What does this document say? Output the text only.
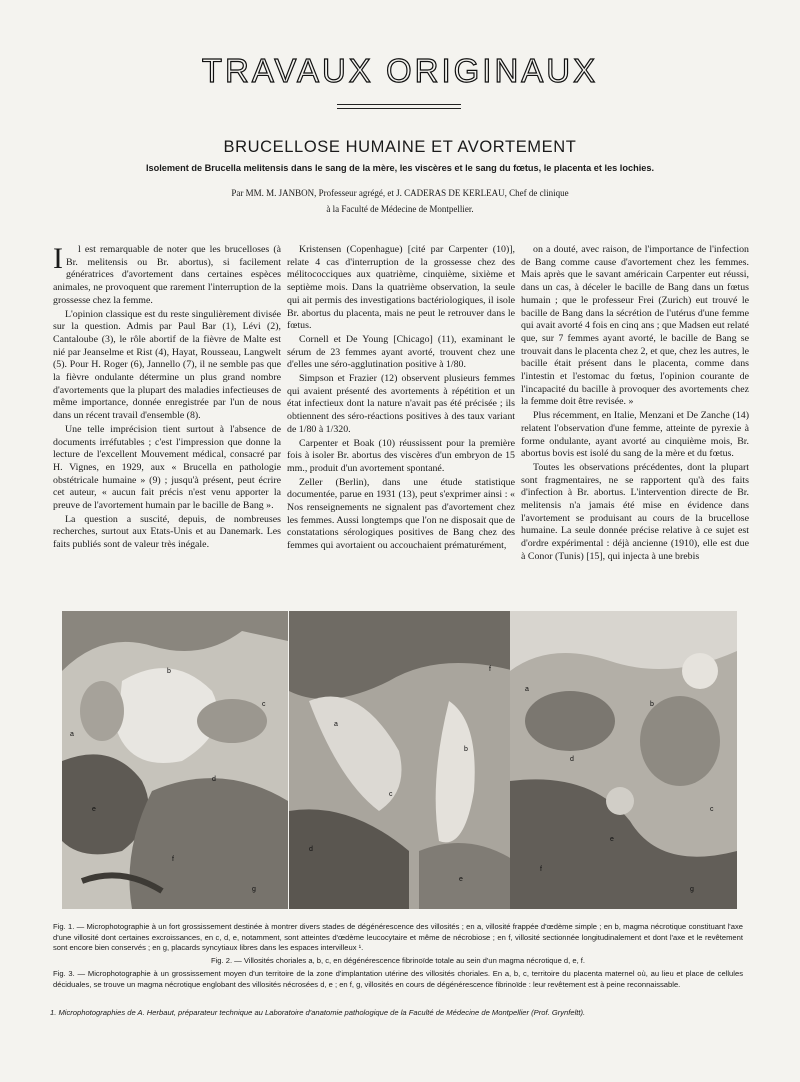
TRAVAUX ORIGINAUX
BRUCELLOSE HUMAINE ET AVORTEMENT
Isolement de Brucella melitensis dans le sang de la mère, les viscères et le sang du fœtus, le placenta et les lochies.
Par MM. M. JANBON, Professeur agrégé, et J. CADERAS DE KERLEAU, Chef de clinique
à la Faculté de Médecine de Montpellier.
I	l est remarquable de noter que les brucelloses (à Br. melitensis ou Br. abortus), si facilement génératrices d'avortement dans certaines espèces animales, ne provoquent que rarement l'interruption de la grossesse chez la femme.

L'opinion classique est du reste singulièrement divisée sur la question. Admis par Paul Bar (1), Lévi (2), Cantaloube (3), le rôle abortif de la fièvre de Malte est nié par Jeanselme et Rist (4), Hayat, Rousseau, Langwelt (5). Pour H. Roger (6), Jannello (7), il ne semble pas que la fièvre ondulante détermine un plus grand nombre d'avortements que la plupart des maladies infectieuses de même importance, donnée enregistrée par l'un de nous dans un récent travail d'ensemble (8).

Une telle imprécision tient surtout à l'absence de documents irréfutables ; c'est l'impression que donne la lecture de l'excellent Mouvement médical, consacré par H. Vignes, en 1929, aux « Brucella en pathologie obstétricale humaine » (9) ; jusqu'à présent, peut écrire cet auteur, « aucun fait précis n'est venu apporter la preuve de l'avortement humain par le bacille de Bang ».

La question a suscité, depuis, de nombreuses recherches, surtout aux Etats-Unis et au Danemark. Les faits publiés sont de valeur très inégale.

Kristensen (Copenhague) [cité par Carpenter (10)], relate 4 cas d'interruption de la grossesse chez des mélitococciques aux quatrième, cinquième, sixième et septième mois. Dans la quatrième observation, la seule qui ait permis des investigations bactériologiques, il isole Br. abortus du placenta, mais ne peut le retrouver dans le fœtus.

Cornell et De Young [Chicago] (11), examinant le sérum de 23 femmes ayant avorté, trouvent chez une d'elles une séro-agglutination positive à 1/80.

Simpson et Frazier (12) observent plusieurs femmes qui avaient présenté des avortements à répétition et un état infectieux dont la nature n'avait pas été précisée ; ils obtiennent des séro-réactions positives à des taux variant de 1/80 à 1/320.

Carpenter et Boak (10) réussissent pour la première fois à isoler Br. abortus des viscères d'un embryon de 15 mm., produit d'un avortement spontané.

Zeller (Berlin), dans une étude statistique documentée, parue en 1931 (13), peut s'exprimer ainsi : « Nos renseignements ne signalent pas d'avortement chez les femmes. Aussi longtemps que l'on ne disposait que de constatations sérologiques positives de Bang chez des femmes qui avortaient ou accouchaient prématurément,

on a douté, avec raison, de l'importance de l'infection de Bang comme cause d'avortement chez les femmes. Mais après que le savant américain Carpenter eut réussi, dans un cas, à déceler le bacille de Bang dans un fœtus humain ; que le professeur Frei (Zurich) eut trouvé le bacille de Bang dans la sécrétion de l'utérus d'une femme qui avait avorté 4 fois en cinq ans ; que Madsen eut relaté que, sur 7 femmes ayant avorté, le bacille de Bang se trouvait dans le placenta chez 2, et que, chez les autres, le bacille était présent dans le placenta, comme dans l'intestin et l'estomac du fœtus, l'opinion courante de l'incapacité du bacille à provoquer des avortements chez la femme doit être revisée. »

Plus récemment, en Italie, Menzani et De Zanche (14) relatent l'observation d'une femme, atteinte de pyrexie à forme ondulante, ayant avorté au cinquième mois, Br. abortus bovis est isolé du sang de la mère et du fœtus.

Toutes les observations précédentes, dont la plupart sont fragmentaires, ne se rapportent qu'à des faits d'infection à Br. abortus. L'intervention directe de Br. melitensis n'a jamais été mise en évidence dans l'avortement se produisant au cours de la brucellose humaine. La seule donnée précise relative à ce sujet est d'ordre expérimental : déjà ancienne (1910), elle est due à Conor (Tunis) [15], qui injecta à une brebis

a
b
c
d
e
f
g
a
b
c
d
e
f
a
b
c
d
e
f
g
Fig. 1. — Microphotographie à un fort grossissement destinée à montrer divers stades de dégénérescence des villosités ; en a, villosité frappée d'œdème simple ; en b, magma nécrotique constituant l'axe d'une villosité dont certaines excroissances, en c, d, e, notamment, sont atteintes d'œdème leucocytaire et même de nécrobiose ; en f, villosité sectionnée longitudinalement et dont l'axe et le revêtement sont encore bien conservés ; en g, placards syncytiaux libres dans les espaces intervilleux ¹.
Fig. 2. — Villosités choriales a, b, c, en dégénérescence fibrinoïde totale au sein d'un magma nécrotique d, e, f.
Fig. 3. — Microphotographie à un grossissement moyen d'un territoire de la zone d'implantation utérine des villosités choriales. En a, b, c, territoire du placenta maternel où, au lieu et place de cellules déciduales, se trouve un magma nécrotique englobant des villosités nécrosées d, e ; en f, g, villosités en cours de dégénérescence fibrinoïde : leur revêtement est à peine reconnaissable.
1. Microphotographies de A. Herbaut, préparateur technique au Laboratoire d'anatomie pathologique de la Faculté de Médecine de Montpellier (Prof. Grynfeltt).
